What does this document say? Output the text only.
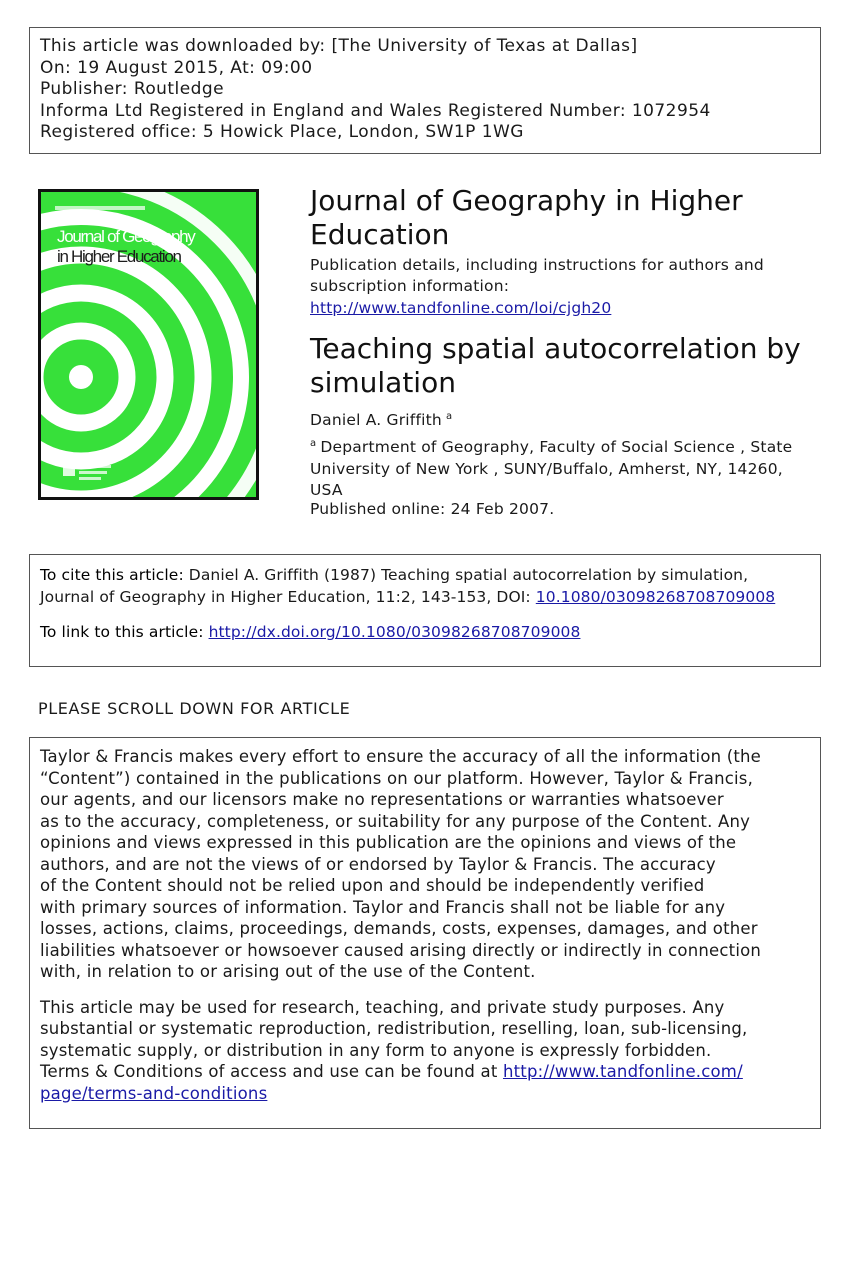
This article was downloaded by: [The University of Texas at Dallas]
On: 19 August 2015, At: 09:00
Publisher: Routledge
Informa Ltd Registered in England and Wales Registered Number: 1072954
Registered office: 5 Howick Place, London, SW1P 1WG
Journal of Geography
in Higher Education
Journal of Geography in Higher Education
Publication details, including instructions for authors and subscription information:
http://www.tandfonline.com/loi/cjgh20
Teaching spatial autocorrelation by simulation
Daniel A. Griffith $^a$
$^a$ Department of Geography, Faculty of Social Science , State University of New York , SUNY/Buffalo, Amherst, NY, 14260, USA
Published online: 24 Feb 2007.
To cite this article: Daniel A. Griffith (1987) Teaching spatial autocorrelation by simulation,
Journal of Geography in Higher Education, 11:2, 143-153, DOI: 10.1080/03098268708709008
To link to this article: http://dx.doi.org/10.1080/03098268708709008
PLEASE SCROLL DOWN FOR ARTICLE
Taylor & Francis makes every effort to ensure the accuracy of all the information (the
“Content”) contained in the publications on our platform. However, Taylor & Francis,
our agents, and our licensors make no representations or warranties whatsoever
as to the accuracy, completeness, or suitability for any purpose of the Content. Any
opinions and views expressed in this publication are the opinions and views of the
authors, and are not the views of or endorsed by Taylor & Francis. The accuracy
of the Content should not be relied upon and should be independently verified
with primary sources of information. Taylor and Francis shall not be liable for any
losses, actions, claims, proceedings, demands, costs, expenses, damages, and other
liabilities whatsoever or howsoever caused arising directly or indirectly in connection
with, in relation to or arising out of the use of the Content.
This article may be used for research, teaching, and private study purposes. Any
substantial or systematic reproduction, redistribution, reselling, loan, sub-licensing,
systematic supply, or distribution in any form to anyone is expressly forbidden.
Terms & Conditions of access and use can be found at http://www.tandfonline.com/
page/terms-and-conditions
